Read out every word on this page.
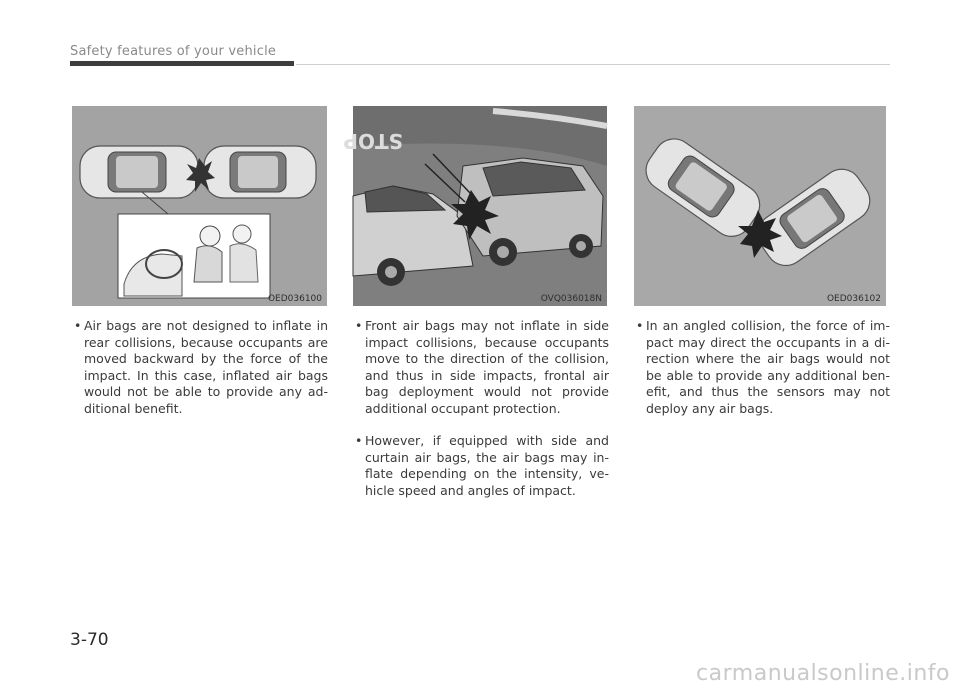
Safety features of your vehicle
OED036100
STOP
OVQ036018N	OED036102
• Air bags are not designed to inflate in rear collisions, because occupants are moved backward by the force of the impact. In this case, inflated air bags would not be able to provide any ad-ditional benefit.
• Front air bags may not inflate in side impact collisions, because occupants move to the direction of the collision, and thus in side impacts, frontal air bag deployment would not provide additional occupant protection.
• However, if equipped with side and curtain air bags, the air bags may in-flate depending on the intensity, ve-hicle speed and angles of impact.
• In an angled collision, the force of im-pact may direct the occupants in a di-rection where the air bags would not be able to provide any additional ben-efit, and thus the sensors may not deploy any air bags.
3-70
carmanualsonline.info
